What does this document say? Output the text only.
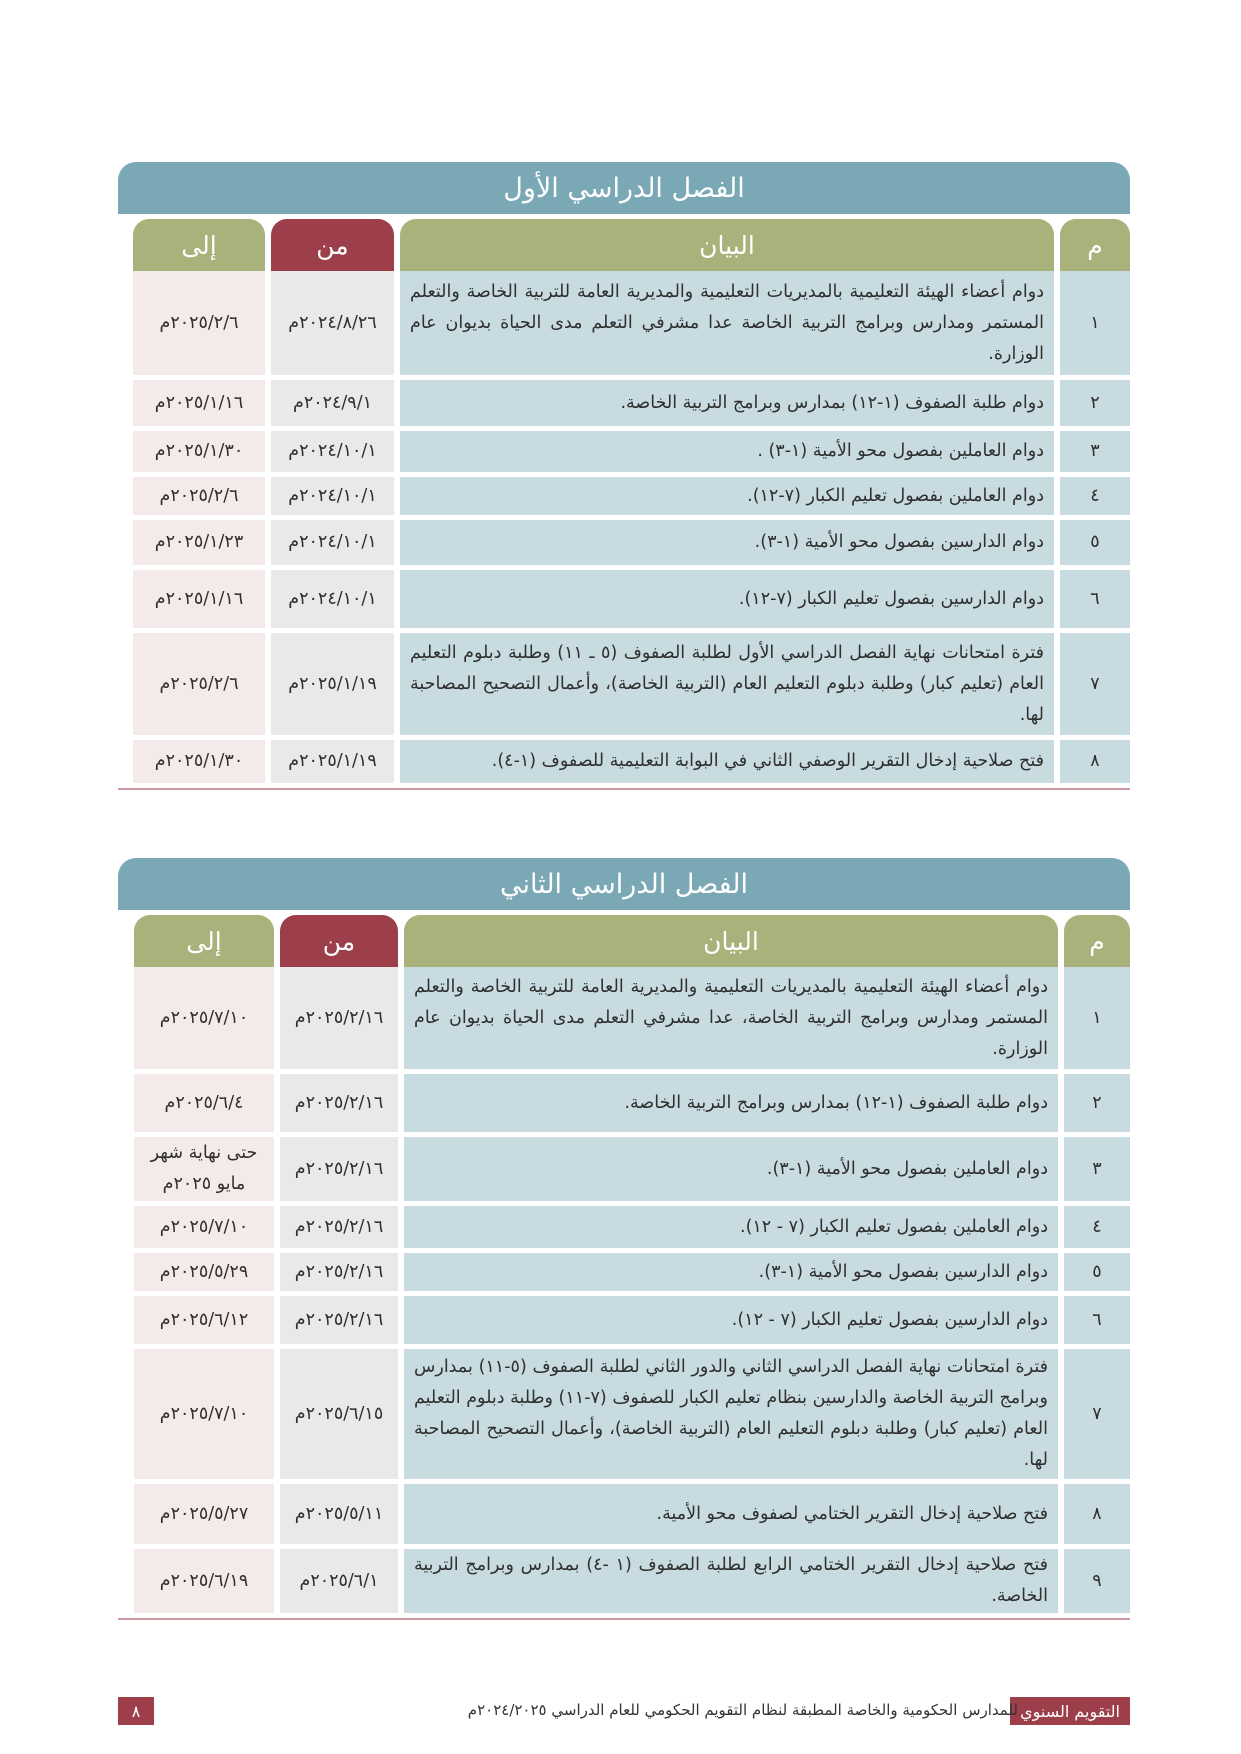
الفصل الدراسي الأول
م
البيان
من
إلى
١
دوام أعضاء الهيئة التعليمية بالمديريات التعليمية والمديرية العامة للتربية الخاصة والتعلم المستمر ومدارس وبرامج التربية الخاصة عدا مشرفي التعلم مدى الحياة بديوان عام الوزارة.
٢٠٢٤/٨/٢٦م
٢٠٢٥/٢/٦م
٢
دوام طلبة الصفوف (١-١٢) بمدارس وبرامج التربية الخاصة.
٢٠٢٤/٩/١م
٢٠٢٥/١/١٦م
٣
دوام العاملين بفصول محو الأمية (١-٣) .
٢٠٢٤/١٠/١م
٢٠٢٥/١/٣٠م
٤
دوام العاملين بفصول تعليم الكبار (٧-١٢).
٢٠٢٤/١٠/١م
٢٠٢٥/٢/٦م
٥
دوام الدارسين بفصول محو الأمية (١-٣).
٢٠٢٤/١٠/١م
٢٠٢٥/١/٢٣م
٦
دوام الدارسين بفصول تعليم الكبار (٧-١٢).
٢٠٢٤/١٠/١م
٢٠٢٥/١/١٦م
٧
فترة امتحانات نهاية الفصل الدراسي الأول لطلبة الصفوف (٥ ـ ١١) وطلبة دبلوم التعليم العام (تعليم كبار) وطلبة دبلوم التعليم العام (التربية الخاصة)، وأعمال التصحيح المصاحبة لها.
٢٠٢٥/١/١٩م
٢٠٢٥/٢/٦م
٨
فتح صلاحية إدخال التقرير الوصفي الثاني في البوابة التعليمية للصفوف (١-٤).
٢٠٢٥/١/١٩م
٢٠٢٥/١/٣٠م
الفصل الدراسي الثاني
م
البيان
من
إلى
١
دوام أعضاء الهيئة التعليمية بالمديريات التعليمية والمديرية العامة للتربية الخاصة والتعلم المستمر ومدارس وبرامج التربية الخاصة، عدا مشرفي التعلم مدى الحياة بديوان عام الوزارة.
٢٠٢٥/٢/١٦م
٢٠٢٥/٧/١٠م
٢
دوام طلبة الصفوف (١-١٢) بمدارس وبرامج التربية الخاصة.
٢٠٢٥/٢/١٦م
٢٠٢٥/٦/٤م
٣
دوام العاملين بفصول محو الأمية (١-٣).
٢٠٢٥/٢/١٦م
حتى نهاية شهر مايو ٢٠٢٥م
٤
دوام العاملين بفصول تعليم الكبار (٧ - ١٢).
٢٠٢٥/٢/١٦م
٢٠٢٥/٧/١٠م
٥
دوام الدارسين بفصول محو الأمية (١-٣).
٢٠٢٥/٢/١٦م
٢٠٢٥/٥/٢٩م
٦
دوام الدارسين بفصول تعليم الكبار (٧ - ١٢).
٢٠٢٥/٢/١٦م
٢٠٢٥/٦/١٢م
٧
فترة امتحانات نهاية الفصل الدراسي الثاني والدور الثاني لطلبة الصفوف (٥-١١) بمدارس وبرامج التربية الخاصة والدارسين بنظام تعليم الكبار للصفوف (٧-١١) وطلبة دبلوم التعليم العام (تعليم كبار) وطلبة دبلوم التعليم العام (التربية الخاصة)، وأعمال التصحيح المصاحبة لها.
٢٠٢٥/٦/١٥م
٢٠٢٥/٧/١٠م
٨
فتح صلاحية إدخال التقرير الختامي لصفوف محو الأمية.
٢٠٢٥/٥/١١م
٢٠٢٥/٥/٢٧م
٩
فتح صلاحية إدخال التقرير الختامي الرابع لطلبة الصفوف (١ -٤) بمدارس وبرامج التربية الخاصة.
٢٠٢٥/٦/١م
٢٠٢٥/٦/١٩م
التقويم السنوي
للمدارس الحكومية والخاصة المطبقة لنظام التقويم الحكومي للعام الدراسي ٢٠٢٤/٢٠٢٥م
٨
